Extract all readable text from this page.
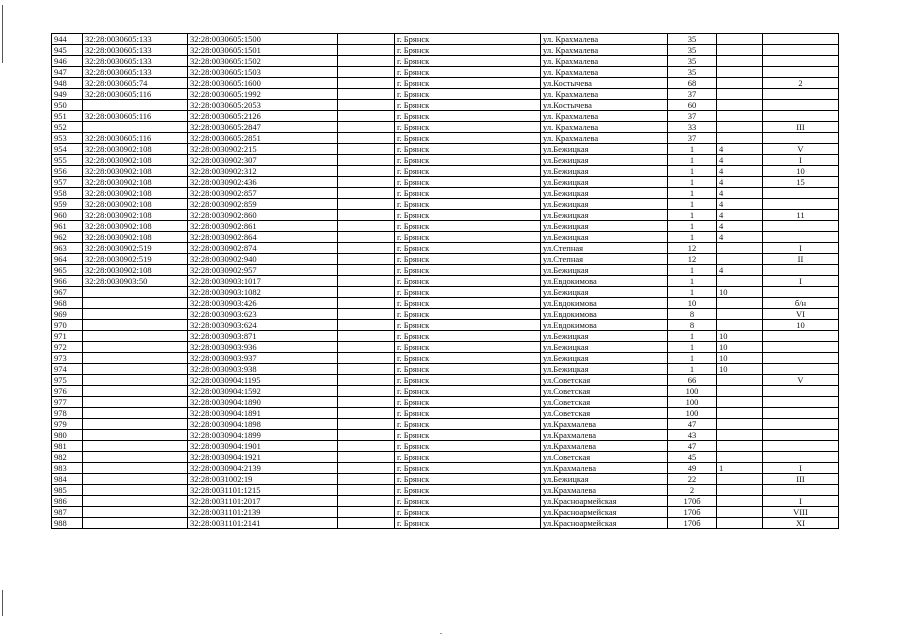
944	32:28:0030605:133	32:28:0030605:1500		г. Брянск	ул. Крахмалева	35		
945	32:28:0030605:133	32:28:0030605:1501		г. Брянск	ул. Крахмалева	35		
946	32:28:0030605:133	32:28:0030605:1502		г. Брянск	ул. Крахмалева	35		
947	32:28:0030605:133	32:28:0030605:1503		г. Брянск	ул. Крахмалева	35		
948	32:28:0030605:74	32:28:0030605:1600		г. Брянск	ул.Костычева	68		2
949	32:28:0030605:116	32:28:0030605:1992		г. Брянск	ул. Крахмалева	37		
950		32:28:0030605:2053		г. Брянск	ул.Костычева	60		
951	32:28:0030605:116	32:28:0030605:2126		г. Брянск	ул. Крахмалева	37		
952		32:28:0030605:2847		г. Брянск	ул. Крахмалева	33		III
953	32:28:0030605:116	32:28:0030605:2851		г. Брянск	ул. Крахмалева	37		
954	32:28:0030902:108	32:28:0030902:215		г. Брянск	ул.Бежицкая	1	4	V
955	32:28:0030902:108	32:28:0030902:307		г. Брянск	ул.Бежицкая	1	4	I
956	32:28:0030902:108	32:28:0030902:312		г. Брянск	ул.Бежицкая	1	4	10
957	32:28:0030902:108	32:28:0030902:436		г. Брянск	ул.Бежицкая	1	4	15
958	32:28:0030902:108	32:28:0030902:857		г. Брянск	ул.Бежицкая	1	4	
959	32:28:0030902:108	32:28:0030902:859		г. Брянск	ул.Бежицкая	1	4	
960	32:28:0030902:108	32:28:0030902:860		г. Брянск	ул.Бежицкая	1	4	11
961	32:28:0030902:108	32:28:0030902:861		г. Брянск	ул.Бежицкая	1	4	
962	32:28:0030902:108	32:28:0030902:864		г. Брянск	ул.Бежицкая	1	4	
963	32:28:0030902:519	32:28:0030902:874		г. Брянск	ул.Степная	12		I
964	32:28:0030902:519	32:28:0030902:940		г. Брянск	ул.Степная	12		II
965	32:28:0030902:108	32:28:0030902:957		г. Брянск	ул.Бежицкая	1	4	
966	32:28:0030903:50	32:28:0030903:1017		г. Брянск	ул.Евдокимова	1		I
967		32:28:0030903:1082		г. Брянск	ул.Бежицкая	1	10	
968		32:28:0030903:426		г. Брянск	ул.Евдокимова	10		б/н
969		32:28:0030903:623		г. Брянск	ул.Евдокимова	8		VI
970		32:28:0030903:624		г. Брянск	ул.Евдокимова	8		10
971		32:28:0030903:871		г. Брянск	ул.Бежицкая	1	10	
972		32:28:0030903:936		г. Брянск	ул.Бежицкая	1	10	
973		32:28:0030903:937		г. Брянск	ул.Бежицкая	1	10	
974		32:28:0030903:938		г. Брянск	ул.Бежицкая	1	10	
975		32:28:0030904:1195		г. Брянск	ул.Советская	66		V
976		32:28:0030904:1592		г. Брянск	ул.Советская	100		
977		32:28:0030904:1890		г. Брянск	ул.Советская	100		
978		32:28:0030904:1891		г. Брянск	ул.Советская	100		
979		32:28:0030904:1898		г. Брянск	ул.Крахмалева	47		
980		32:28:0030904:1899		г. Брянск	ул.Крахмалева	43		
981		32:28:0030904:1901		г. Брянск	ул.Крахмалева	47		
982		32:28:0030904:1921		г. Брянск	ул.Советская	45		
983		32:28:0030904:2139		г. Брянск	ул.Крахмалева	49	1	I
984		32:28:0031002:19		г. Брянск	ул.Бежицкая	22		III
985		32:28:0031101:1215		г. Брянск	ул.Крахмалева	2		
986		32:28:0031101:2017		г. Брянск	ул.Красноармейская	170б		I
987		32:28:0031101:2139		г. Брянск	ул.Красноармейская	170б		VIII
988		32:28:0031101:2141		г. Брянск	ул.Красноармейская	170б		XI
